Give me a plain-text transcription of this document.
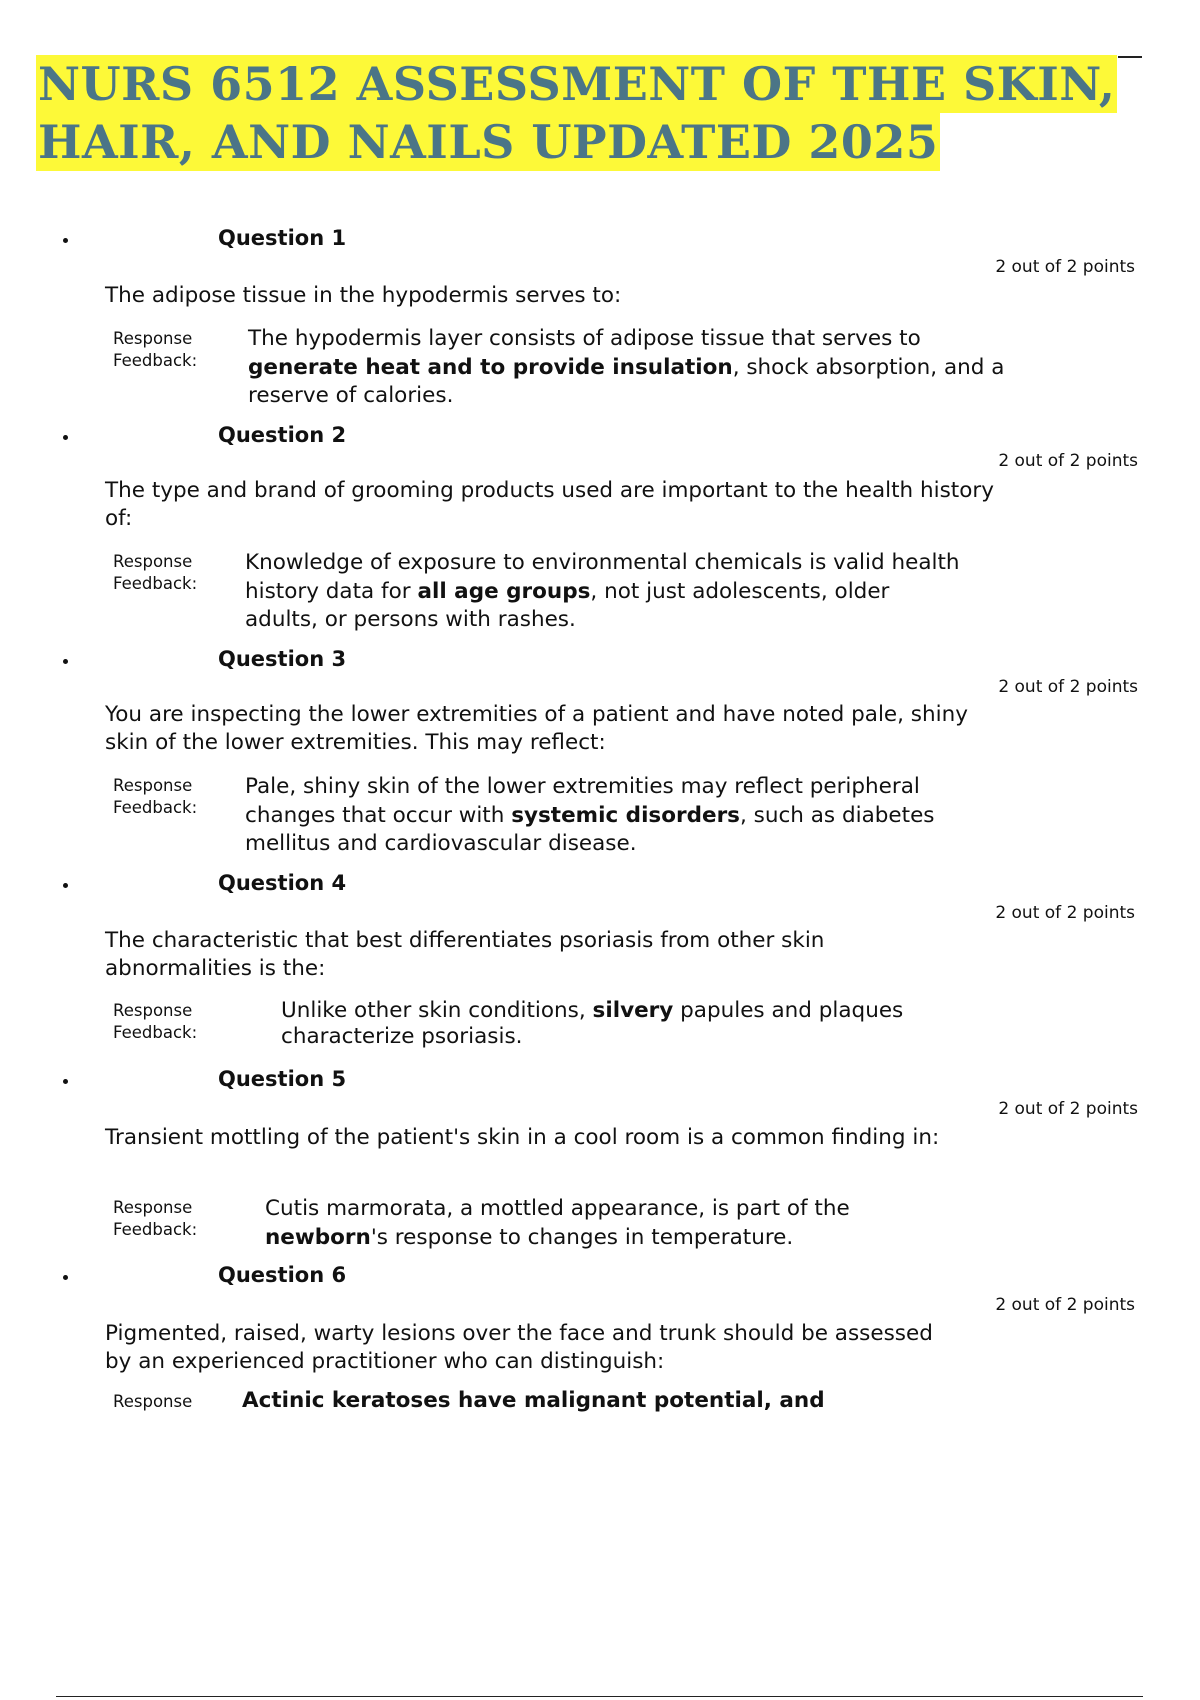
NURS 6512 ASSESSMENT OF THE SKIN,
HAIR, AND NAILS UPDATED 2025
Question 1
2 out of 2 points
The adipose tissue in the hypodermis serves to:
Response
Feedback:
The hypodermis layer consists of adipose tissue that serves to generate heat and to provide insulation, shock absorption, and a reserve of calories.
Question 2
2 out of 2 points
The type and brand of grooming products used are important to the health history of:
Response
Feedback:
Knowledge of exposure to environmental chemicals is valid health history data for all age groups, not just adolescents, older adults, or persons with rashes.
Question 3
2 out of 2 points
You are inspecting the lower extremities of a patient and have noted pale, shiny skin of the lower extremities. This may reflect:
Response
Feedback:
Pale, shiny skin of the lower extremities may reflect peripheral changes that occur with systemic disorders, such as diabetes mellitus and cardiovascular disease.
Question 4
2 out of 2 points
The characteristic that best differentiates psoriasis from other skin abnormalities is the:
Response
Feedback:
Unlike other skin conditions, silvery papules and plaques characterize psoriasis.
Question 5
2 out of 2 points
Transient mottling of the patient's skin in a cool room is a common finding in:
Response
Feedback:
Cutis marmorata, a mottled appearance, is part of the newborn's response to changes in temperature.
Question 6
2 out of 2 points
Pigmented, raised, warty lesions over the face and trunk should be assessed by an experienced practitioner who can distinguish:
Response Actinic keratoses have malignant potential, and
